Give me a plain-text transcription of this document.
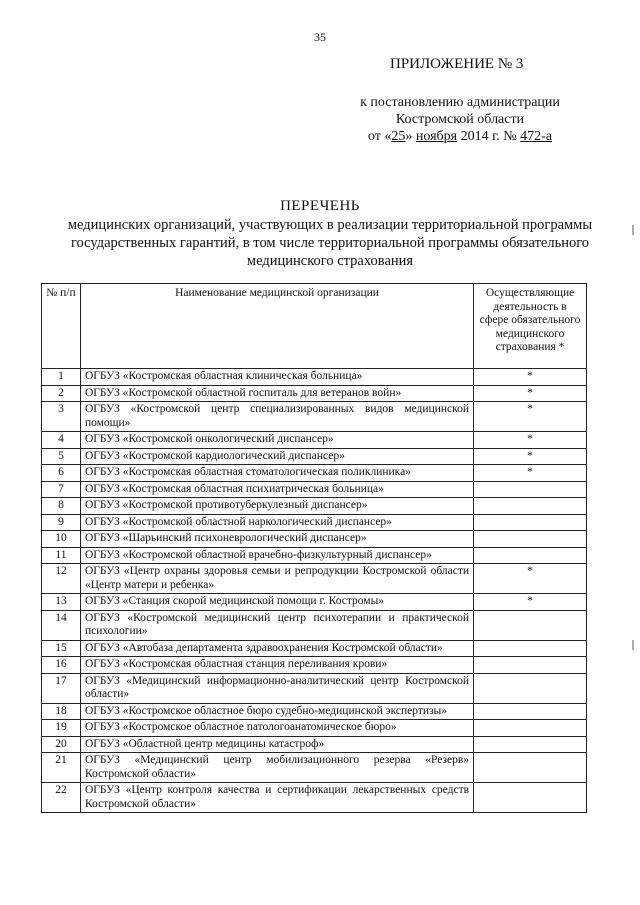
35
ПРИЛОЖЕНИЕ № 3
к постановлению администрации
Костромской области
от «25» ноября 2014 г. № 472-а
ПЕРЕЧЕНЬ
медицинских организаций, участвующих в реализации территориальной программы государственных гарантий, в том числе территориальной программы обязательного медицинского страхования
№ п/п	Наименование медицинской организации	Осуществляющие деятельность в сфере обязательного медицинского страхования *
1	ОГБУЗ «Костромская областная клиническая больница»	*
2	ОГБУЗ «Костромской областной госпиталь для ветеранов войн»	*
3	ОГБУЗ «Костромской центр специализированных видов медицинской помощи»	*
4	ОГБУЗ «Костромской онкологический диспансер»	*
5	ОГБУЗ «Костромской кардиологический диспансер»	*
6	ОГБУЗ «Костромская областная стоматологическая поликлиника»	*
7	ОГБУЗ «Костромская областная психиатрическая больница»	
8	ОГБУЗ «Костромской противотуберкулезный диспансер»	
9	ОГБУЗ «Костромской областной наркологический диспансер»	
10	ОГБУЗ «Шарьинский психоневрологический диспансер»	
11	ОГБУЗ «Костромской областной врачебно-физкультурный диспансер»	
12	ОГБУЗ «Центр охраны здоровья семьи и репродукции Костромской области «Центр матери и ребенка»	*
13	ОГБУЗ «Станция скорой медицинской помощи г. Костромы»	*
14	ОГБУЗ «Костромской медицинский центр психотерапии и практической психологии»	
15	ОГБУЗ «Автобаза департамента здравоохранения Костромской области»	
16	ОГБУЗ «Костромская областная станция переливания крови»	
17	ОГБУЗ «Медицинский информационно-аналитический центр Костромской области»	
18	ОГБУЗ «Костромское областное бюро судебно-медицинской экспертизы»	
19	ОГБУЗ «Костромское областное патологоанатомическое бюро»	
20	ОГБУЗ «Областной центр медицины катастроф»	
21	ОГБУЗ «Медицинский центр мобилизационного резерва «Резерв» Костромской области»	
22	ОГБУЗ «Центр контроля качества и сертификации лекарственных средств Костромской области»	
